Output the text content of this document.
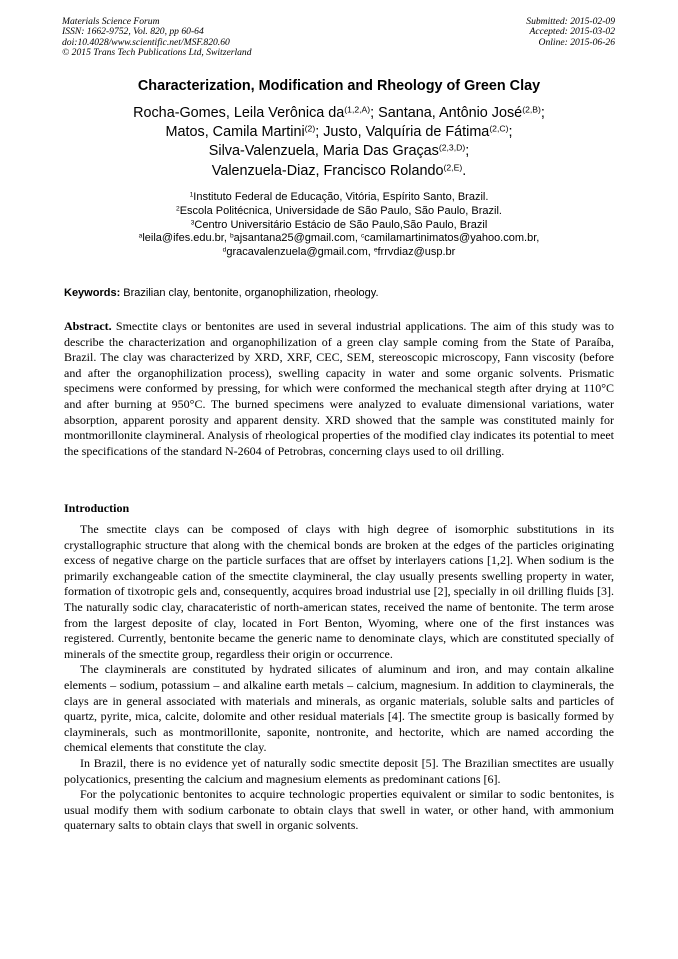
Materials Science Forum
ISSN: 1662-9752, Vol. 820, pp 60-64
doi:10.4028/www.scientific.net/MSF.820.60
© 2015 Trans Tech Publications Ltd, Switzerland
Submitted: 2015-02-09
Accepted: 2015-03-02
Online: 2015-06-26
Characterization, Modification and Rheology of Green Clay
Rocha-Gomes, Leila Verônica $da^{(1,2,A)}$; Santana, Antônio José$^{(2,B)}$;
Matos, Camila Martini$^{(2)}$; Justo, Valquíria de Fátima$^{(2,C)}$;
Silva-Valenzuela, Maria Das Graças$^{(2,3,D)}$;
Valenzuela-Diaz, Francisco Rolando$^{(2,E)}$.
$^1$Instituto Federal de Educação, Vitória, Espírito Santo, Brazil.
$^2$Escola Politécnica, Universidade de São Paulo, São Paulo, Brazil.
$^3$Centro Universitário Estácio de São Paulo,São Paulo, Brazil
$^a$leila@ifes.edu.br, $^b$ajsantana25@gmail.com, $^c$camilamartinimatos@yahoo.com.br,
$^d$gracavalenzuela@gmail.com, $^e$frrvdiaz@usp.br
Keywords: Brazilian clay, bentonite, organophilization, rheology.
Abstract. Smectite clays or bentonites are used in several industrial applications. The aim of this study was to describe the characterization and organophilization of a green clay sample coming from the State of Paraíba, Brazil. The clay was characterized by XRD, XRF, CEC, SEM, stereoscopic microscopy, Fann viscosity (before and after the organophilization process), swelling capacity in water and some organic solvents. Prismatic specimens were conformed by pressing, for which were conformed the mechanical stegth after drying at 110°C and after burning at 950°C. The burned specimens were analyzed to evaluate dimensional variations, water absorption, apparent porosity and apparent density. XRD showed that the sample was constituted mainly for montmorillonite claymineral. Analysis of rheological properties of the modified clay indicates its potential to meet the specifications of the standard N-2604 of Petrobras, concerning clays used to oil drilling.
Introduction

The smectite clays can be composed of clays with high degree of isomorphic substitutions in its crystallographic structure that along with the chemical bonds are broken at the edges of the particles originating excess of negative charge on the particle surfaces that are offset by interlayers cations [1,2]. When sodium is the primarily exchangeable cation of the smectite claymineral, the clay usually presents swelling property in water, formation of tixotropic gels and, consequently, acquires broad industrial use [2], specially in oil drilling fluids [3]. The naturally sodic clay, characateristic of north-american states, received the name of bentonite. The term arose from the largest deposite of clay, located in Fort Benton, Wyoming, where one of the first instances was registered. Currently, bentonite became the generic name to denominate clays, which are constituted specially of minerals of the smectite group, regardless their origin or occurrence.

The clayminerals are constituted by hydrated silicates of aluminum and iron, and may contain alkaline elements – sodium, potassium – and alkaline earth metals – calcium, magnesium. In addition to clayminerals, the clays are in general associated with materials and minerals, as organic materials, soluble salts and particles of quartz, pyrite, mica, calcite, dolomite and other residual materials [4]. The smectite group is basically formed by clayminerals, such as montmorillonite, saponite, nontronite, and hectorite, which are named according the chemical elements that constitute the clay.

In Brazil, there is no evidence yet of naturally sodic smectite deposit [5]. The Brazilian smectites are usually polycationics, presenting the calcium and magnesium elements as predominant cations [6].

For the polycationic bentonites to acquire technologic properties equivalent or similar to sodic bentonites, is usual modify them with sodium carbonate to obtain clays that swell in water, or other hand, with ammonium quaternary salts to obtain clays that swell in organic solvents.
